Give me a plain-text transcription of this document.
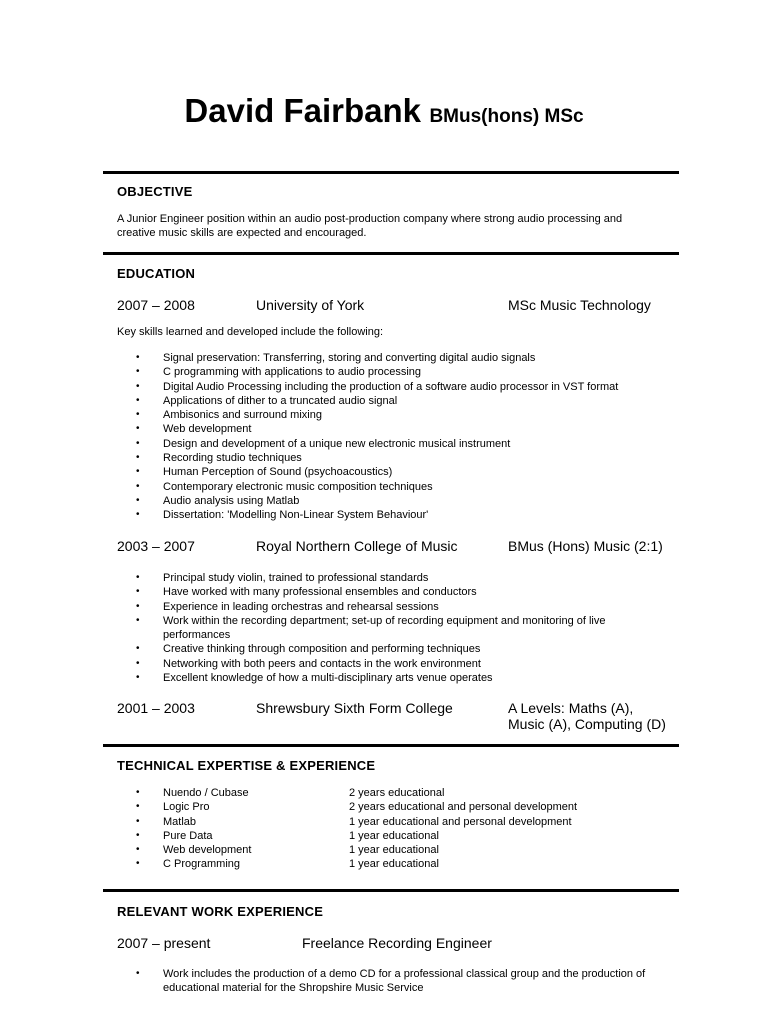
David Fairbank BMus(hons) MSc
OBJECTIVE
A Junior Engineer position within an audio post-production company where strong audio processing and creative music skills are expected and encouraged.
EDUCATION
2007 – 2008	University of York	MSc Music Technology
Key skills learned and developed include the following:
• Signal preservation: Transferring, storing and converting digital audio signals
• C programming with applications to audio processing
• Digital Audio Processing including the production of a software audio processor in VST format
• Applications of dither to a truncated audio signal
• Ambisonics and surround mixing
• Web development
• Design and development of a unique new electronic musical instrument
• Recording studio techniques
• Human Perception of Sound (psychoacoustics)
• Contemporary electronic music composition techniques
• Audio analysis using Matlab
• Dissertation: 'Modelling Non-Linear System Behaviour'
2003 – 2007	Royal Northern College of Music	BMus (Hons) Music (2:1)
• Principal study violin, trained to professional standards
• Have worked with many professional ensembles and conductors
• Experience in leading orchestras and rehearsal sessions
• Work within the recording department; set-up of recording equipment and monitoring of live performances
• Creative thinking through composition and performing techniques
• Networking with both peers and contacts in the work environment
• Excellent knowledge of how a multi-disciplinary arts venue operates
2001 – 2003	Shrewsbury Sixth Form College	A Levels: Maths (A),
Music (A), Computing (D)
TECHNICAL EXPERTISE & EXPERIENCE
• Nuendo / Cubase	2 years educational
• Logic Pro	2 years educational and personal development
• Matlab	1 year educational and personal development
• Pure Data	1 year educational
• Web development	1 year educational
• C Programming	1 year educational
RELEVANT WORK EXPERIENCE
2007 – present	Freelance Recording Engineer
• Work includes the production of a demo CD for a professional classical group and the production of educational material for the Shropshire Music Service
